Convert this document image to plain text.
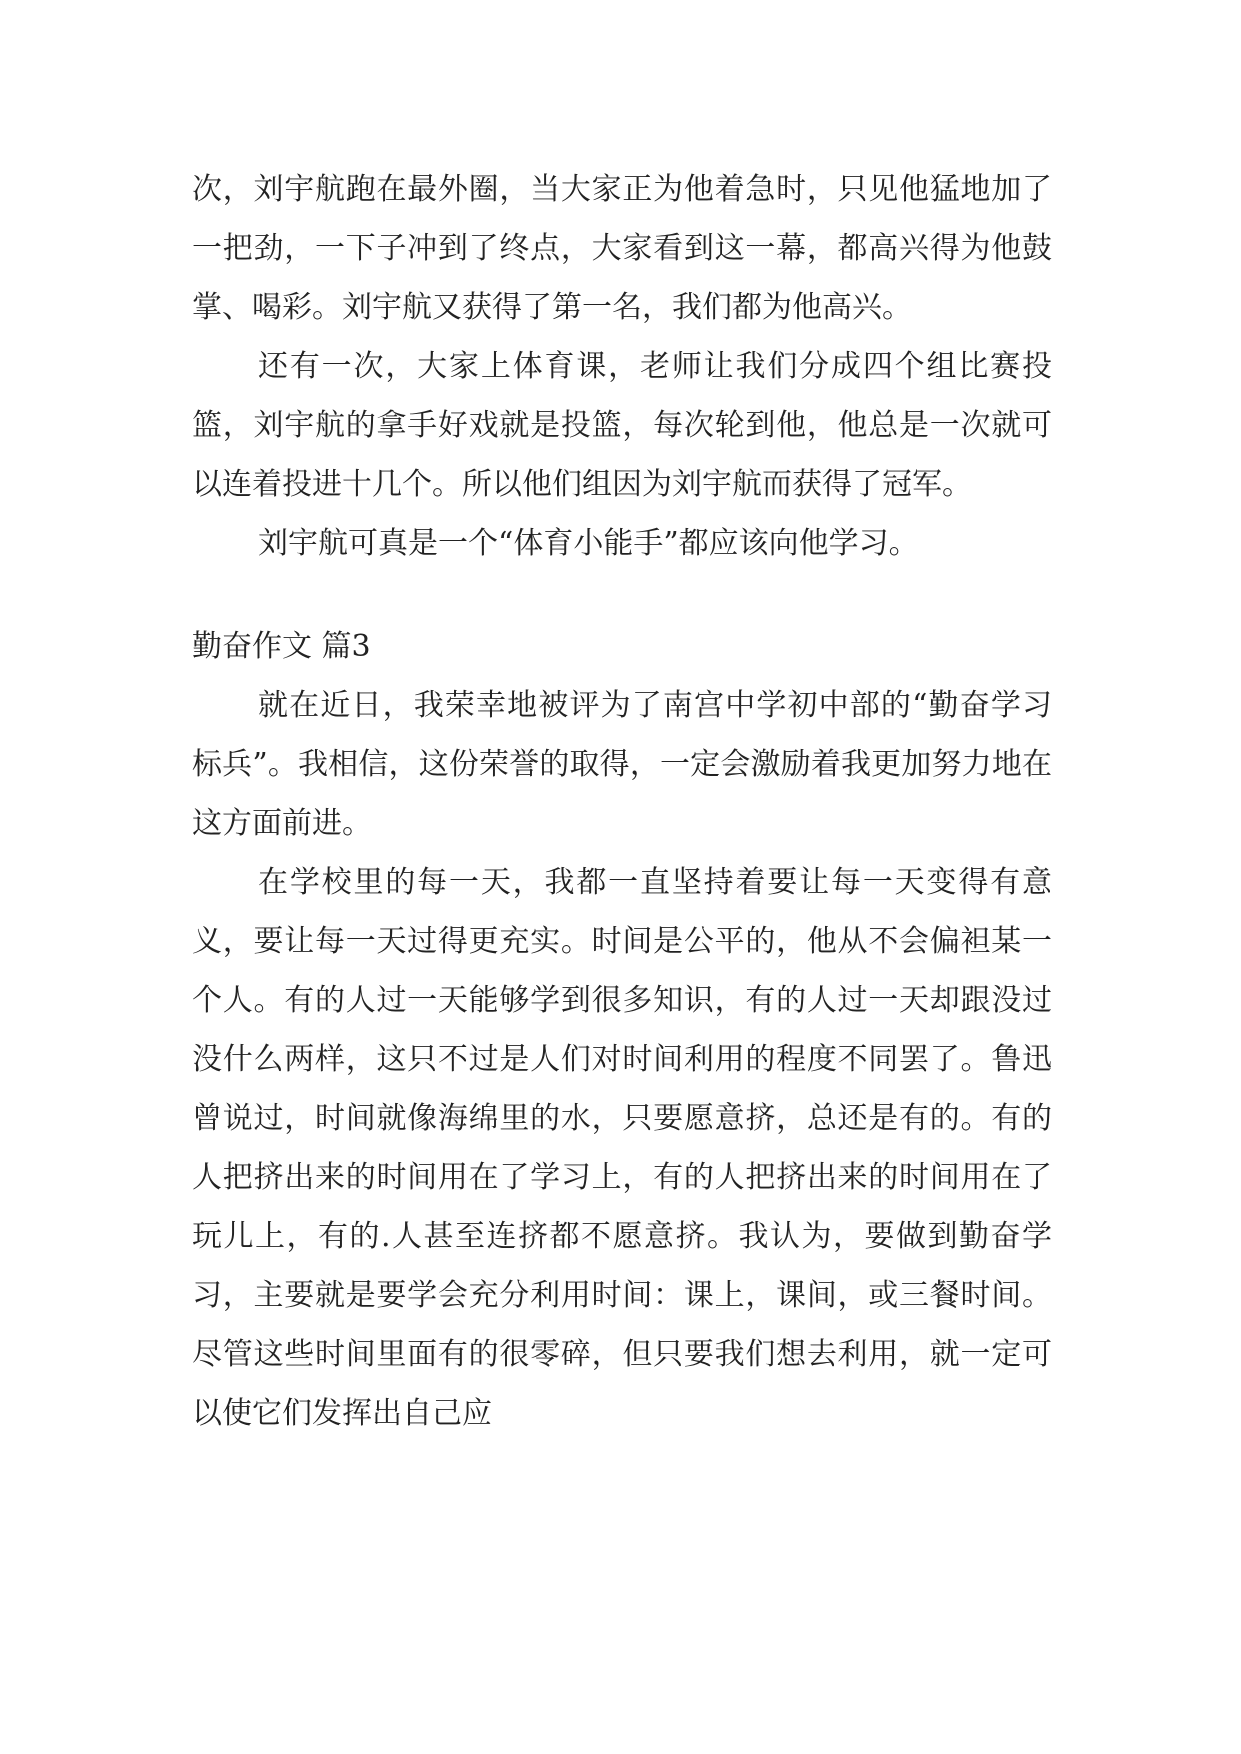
次，刘宇航跑在最外圈，当大家正为他着急时，只见他猛地加了一把劲，一下子冲到了终点，大家看到这一幕，都高兴得为他鼓掌、喝彩。刘宇航又获得了第一名，我们都为他高兴。

还有一次，大家上体育课，老师让我们分成四个组比赛投篮，刘宇航的拿手好戏就是投篮，每次轮到他，他总是一次就可以连着投进十几个。所以他们组因为刘宇航而获得了冠军。

刘宇航可真是一个“体育小能手”都应该向他学习。

勤奋作文 篇3

就在近日，我荣幸地被评为了南宫中学初中部的“勤奋学习标兵”。我相信，这份荣誉的取得，一定会激励着我更加努力地在这方面前进。

在学校里的每一天，我都一直坚持着要让每一天变得有意义，要让每一天过得更充实。时间是公平的，他从不会偏袒某一个人。有的人过一天能够学到很多知识，有的人过一天却跟没过没什么两样，这只不过是人们对时间利用的程度不同罢了。鲁迅曾说过，时间就像海绵里的水，只要愿意挤，总还是有的。有的人把挤出来的时间用在了学习上，有的人把挤出来的时间用在了玩儿上，有的.人甚至连挤都不愿意挤。我认为，要做到勤奋学习，主要就是要学会充分利用时间：课上，课间，或三餐时间。尽管这些时间里面有的很零碎，但只要我们想去利用，就一定可以使它们发挥出自己应
